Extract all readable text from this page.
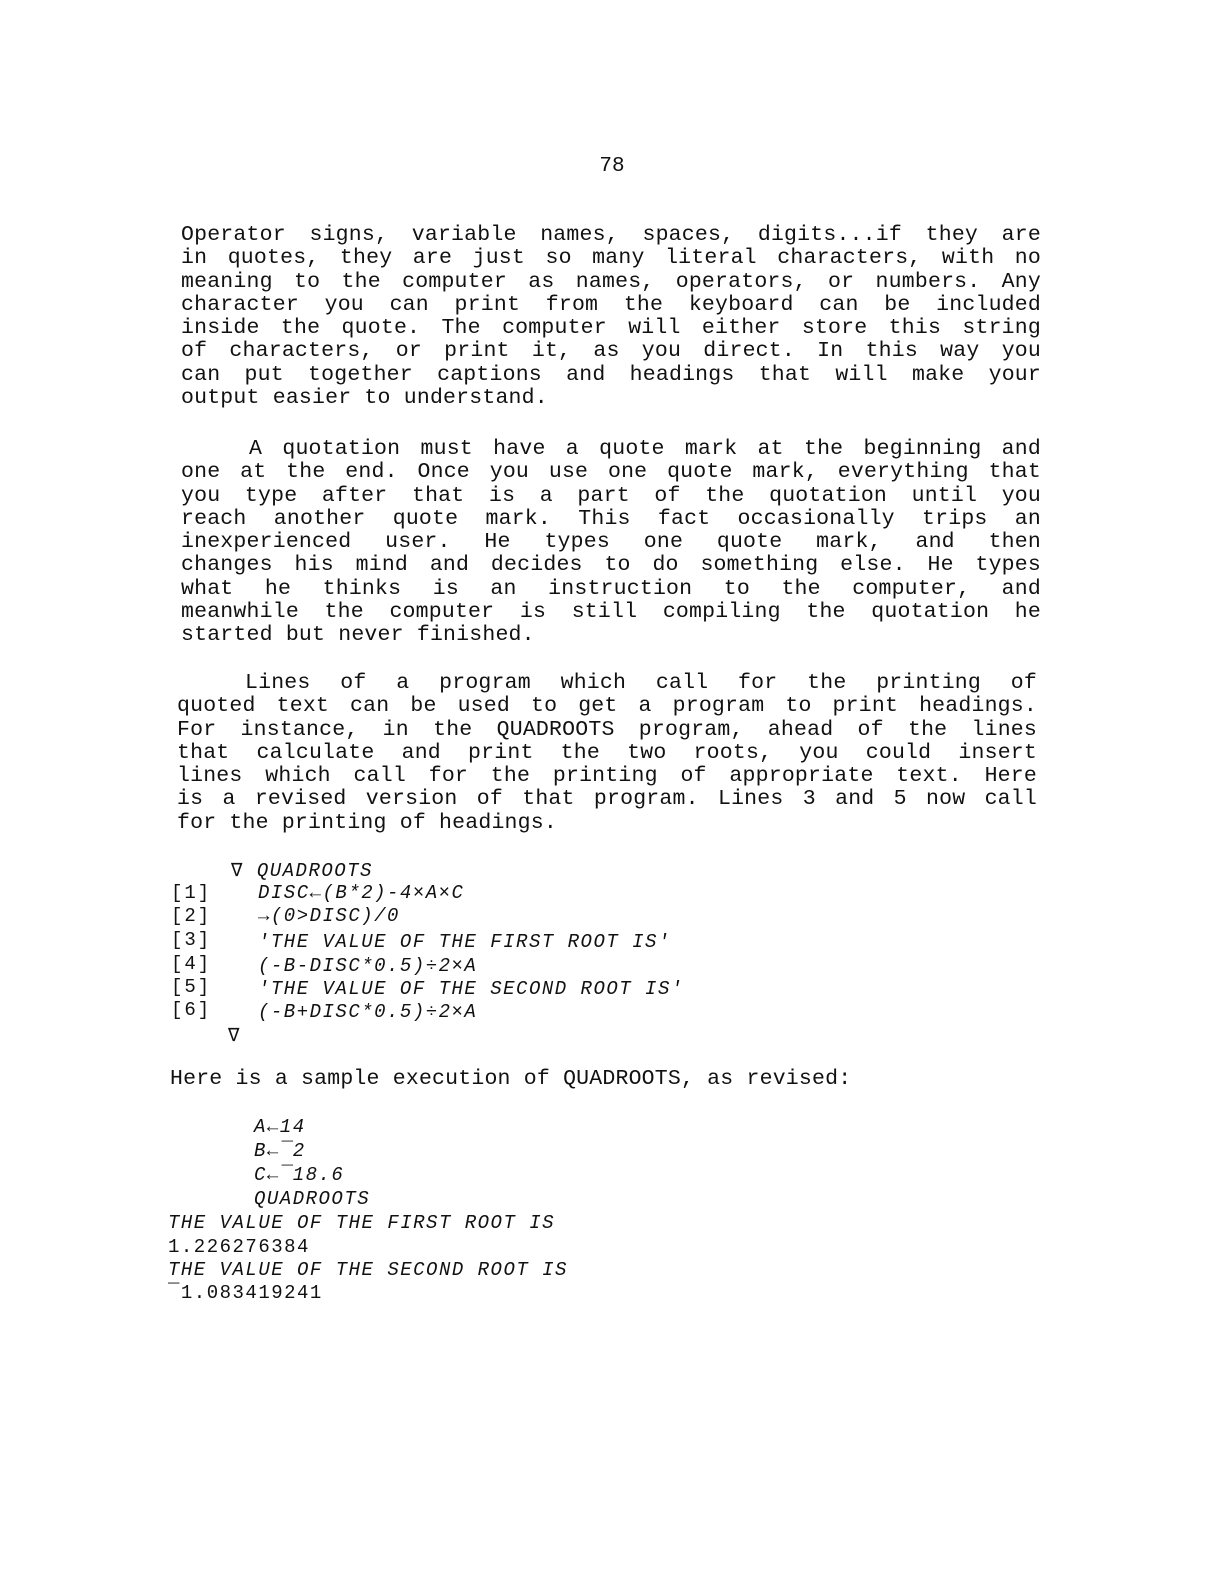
78
Operator signs, variable names, spaces, digits...if they are
in quotes, they are just so many literal characters, with no
meaning to the computer as names, operators, or numbers. Any
character you can print from the keyboard can be included
inside the quote. The computer will either store this string
of characters, or print it, as you direct. In this way you
can put together captions and headings that will make your
output easier to understand.
A quotation must have a quote mark at the beginning and
one at the end. Once you use one quote mark, everything that
you type after that is a part of the quotation until you
reach another quote mark. This fact occasionally trips an
inexperienced user. He types one quote mark, and then
changes his mind and decides to do something else. He types
what he thinks is an instruction to the computer, and
meanwhile the computer is still compiling the quotation he
started but never finished.
Lines of a program which call for the printing of
quoted text can be used to get a program to print headings.
For instance, in the QUADROOTS program, ahead of the lines
that calculate and print the two roots, you could insert
lines which call for the printing of appropriate text. Here
is a revised version of that program. Lines 3 and 5 now call
for the printing of headings.
∇ QUADROOTS
[1] DISC←(B*2)-4×A×C
[2] →(0>DISC)/0
[3] 'THE VALUE OF THE FIRST ROOT IS'
[4] (-B-DISC*0.5)÷2×A
[5] 'THE VALUE OF THE SECOND ROOT IS'
[6] (-B+DISC*0.5)÷2×A
∇
Here is a sample execution of QUADROOTS, as revised:
A←14
B←¯2
C←¯18.6
QUADROOTS
THE VALUE OF THE FIRST ROOT IS
1.226276384
THE VALUE OF THE SECOND ROOT IS
¯1.083419241
